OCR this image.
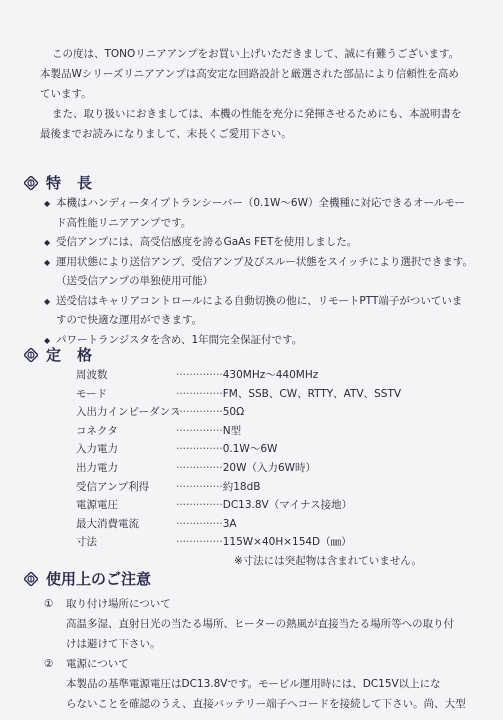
この度は、TONOリニアアンプをお買い上げいただきまして、誠に有難うございます。

本製品Wシリーズリニアアンプは高安定な回路設計と厳選された部品により信頼性を高め

ています。

また、取り扱いにおきましては、本機の性能を充分に発揮させるためにも、本説明書を

最後までお読みになりまして、末長くご愛用下さい。

特長

◆ 本機はハンディータイプトランシーバー（0.1W〜6W）全機種に対応できるオールモー

ド高性能リニアアンプです。

◆ 受信アンプには、高受信感度を誇るGaAs FETを使用しました。

◆ 運用状態により送信アンプ、受信アンプ及びスルー状態をスイッチにより選択できます。

（送受信アンプの単独使用可能）

◆ 送受信はキャリアコントロールによる自動切換の他に、リモートPTT端子がついていま

すので快適な運用ができます。

◆ パワートランジスタを含め、1年間完全保証付です。

定格
周波数	·············· 430MHz〜440MHz
モード	·············· FM、SSB、CW、RTTY、ATV、SSTV
入出力インピーダンス
·············· 50Ω
コネクタ	·············· N型
入力電力	·············· 0.1W〜6W
出力電力	·············· 20W（入力6W時）
受信アンプ利得	·············· 約18dB
電源電圧	·············· DC13.8V（マイナス接地）
最大消費電流	·············· 3A
寸法	·············· 115W×40H×154D（㎜）
※寸法には突起物は含まれていません。
使用上のご注意

① 取り付け場所について

高温多湿、直射日光の当たる場所、ヒーターの熱風が直接当たる場所等への取り付

けは避けて下さい。

② 電源について

本製品の基準電源電圧はDC13.8Vです。モービル運用時には、DC15V以上にな

らないことを確認のうえ、直接バッテリー端子へコードを接続して下さい。尚、大型
